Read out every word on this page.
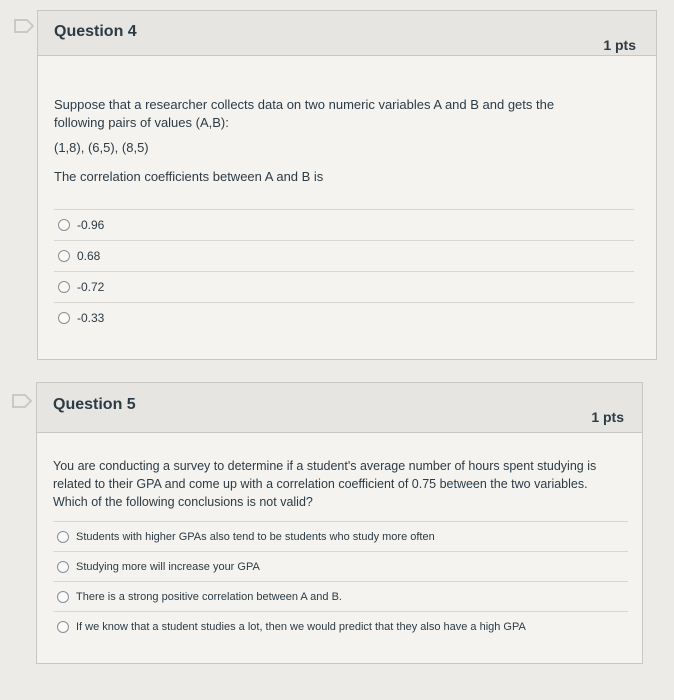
Question 4
1 pts
Suppose that a researcher collects data on two numeric variables A and B and gets the following pairs of values (A,B):
(1,8), (6,5), (8,5)
The correlation coefficients between A and B is
-0.96
0.68
-0.72
-0.33
Question 5
1 pts
You are conducting a survey to determine if a student's average number of hours spent studying is related to their GPA and come up with a correlation coefficient of 0.75 between the two variables. Which of the following conclusions is not valid?
Students with higher GPAs also tend to be students who study more often
Studying more will increase your GPA
There is a strong positive correlation between A and B.
If we know that a student studies a lot, then we would predict that they also have a high GPA
